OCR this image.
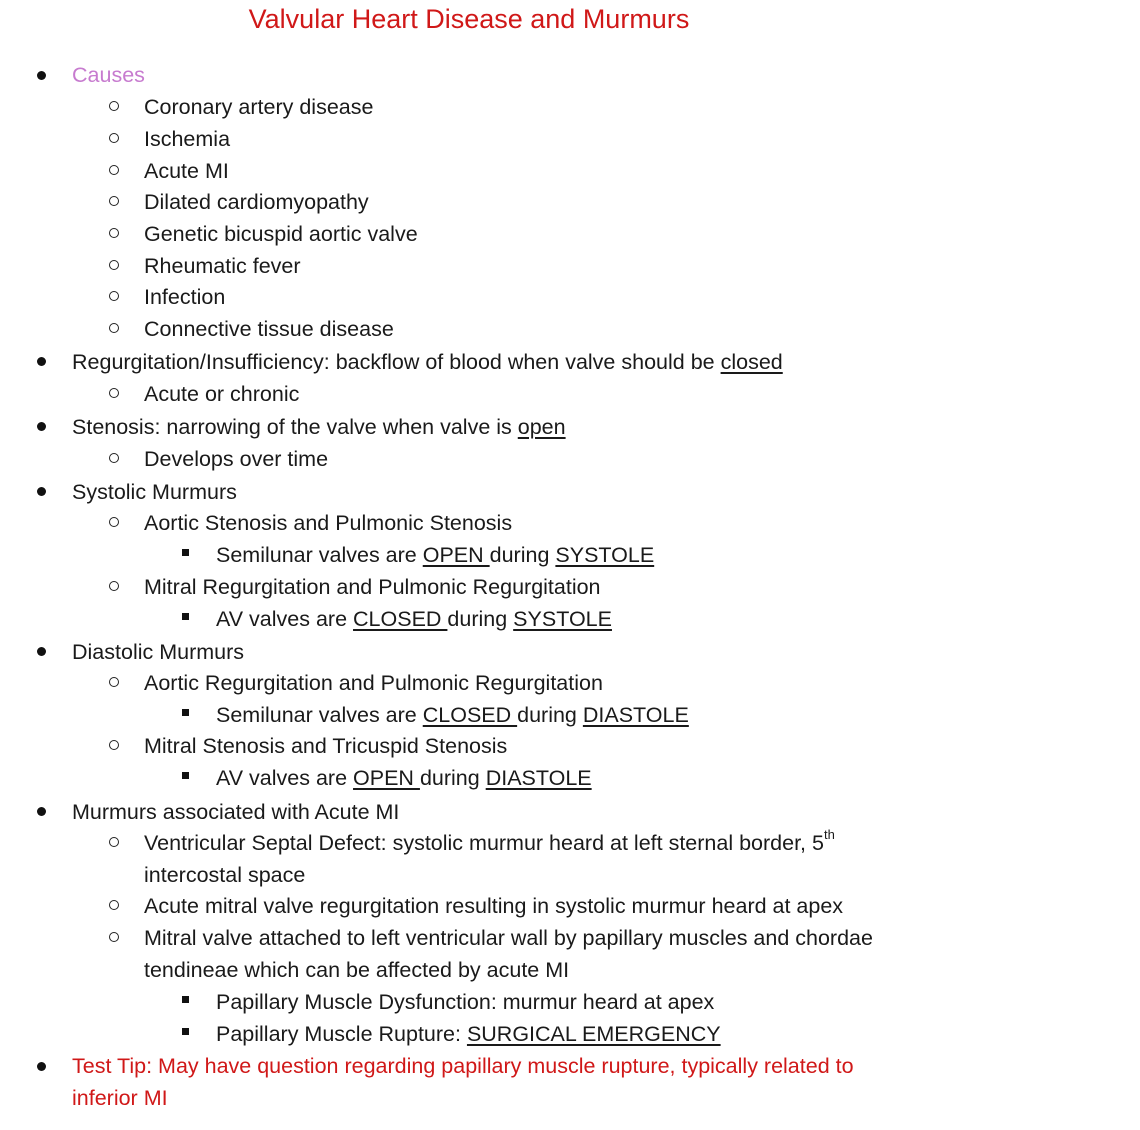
Valvular Heart Disease and Murmurs
Causes
Coronary artery disease
Ischemia
Acute MI
Dilated cardiomyopathy
Genetic bicuspid aortic valve
Rheumatic fever
Infection
Connective tissue disease
Regurgitation/Insufficiency: backflow of blood when valve should be closed
Acute or chronic
Stenosis: narrowing of the valve when valve is open
Develops over time
Systolic Murmurs
Aortic Stenosis and Pulmonic Stenosis
Semilunar valves are OPEN during SYSTOLE
Mitral Regurgitation and Pulmonic Regurgitation
AV valves are CLOSED during SYSTOLE
Diastolic Murmurs
Aortic Regurgitation and Pulmonic Regurgitation
Semilunar valves are CLOSED during DIASTOLE
Mitral Stenosis and Tricuspid Stenosis
AV valves are OPEN during DIASTOLE
Murmurs associated with Acute MI
Ventricular Septal Defect: systolic murmur heard at left sternal border, 5th
intercostal space
Acute mitral valve regurgitation resulting in systolic murmur heard at apex
Mitral valve attached to left ventricular wall by papillary muscles and chordae
tendineae which can be affected by acute MI
Papillary Muscle Dysfunction: murmur heard at apex
Papillary Muscle Rupture: SURGICAL EMERGENCY
Test Tip: May have question regarding papillary muscle rupture, typically related to
inferior MI
